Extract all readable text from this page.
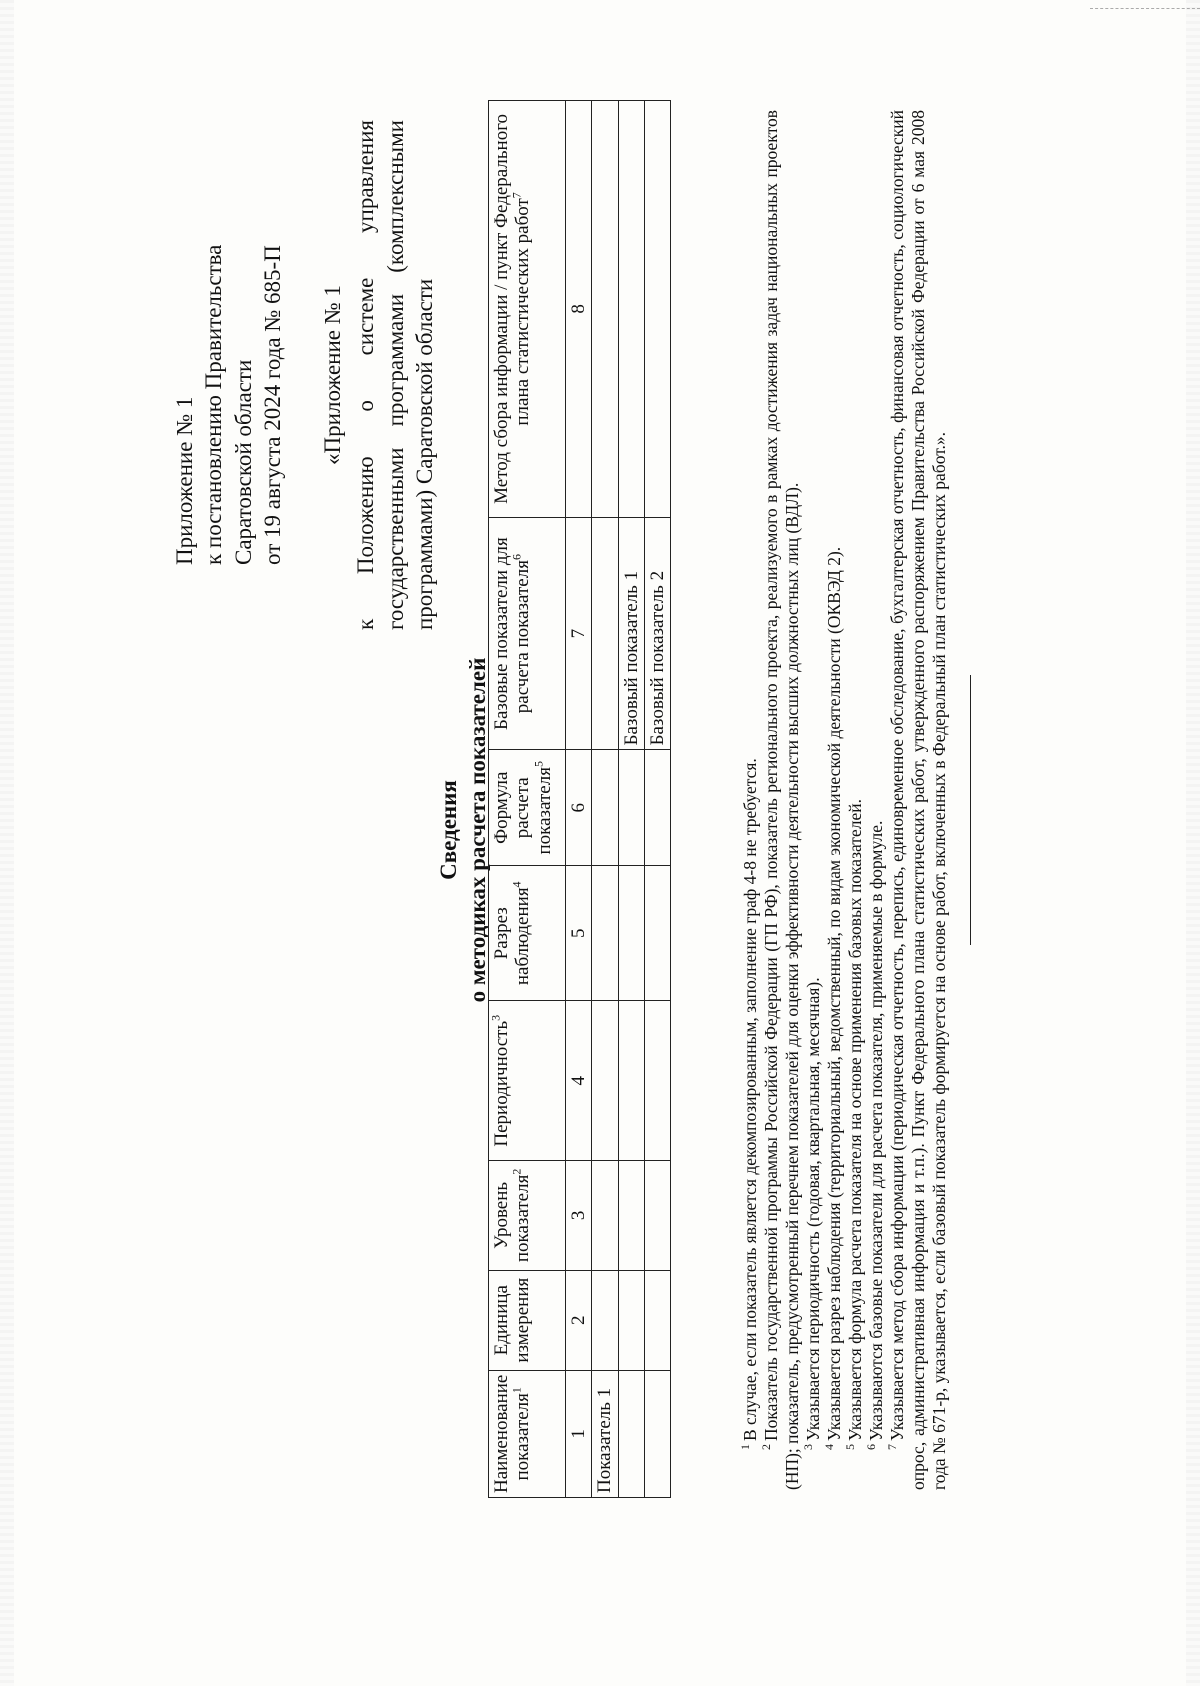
Приложение № 1 к постановлению Правительства Саратовской области от 19 августа 2024 года № 685-П «Приложение № 1 к Положению о системе управления государственными программами (комплексными программами) Саратовской области
Сведения о методиках расчета показателей
Наименование показателя$^1$	Единица измерения	Уровень показателя$^2$	Периодичность$^3$	Разрез наблюдения$^4$	Формула расчета показателя$^5$	Базовые показатели для расчета показателя$^6$	Метод сбора информации / пункт Федерального плана статистических работ$^7$
1	2	3	4	5	6	7	8
Показатель 1							
						Базовый показатель 1	
						Базовый показатель 2	
$^1$В случае, если показатель является декомпозированным, заполнение граф 4-8 не требуется.
$^2$Показатель государственной программы Российской Федерации (ГП РФ), показатель регионального проекта, реализуемого в рамках достижения задач национальных проектов (НП); показатель, предусмотренный перечнем показателей для оценки эффективности деятельности высших должностных лиц (ВДЛ). $^3$Указывается периодичность (годовая, квартальная, месячная).
$^4$Указывается разрез наблюдения (территориальный, ведомственный, по видам экономической деятельности (ОКВЭД 2).
$^5$Указывается формула расчета показателя на основе применения базовых показателей.
$^6$Указываются базовые показатели для расчета показателя, применяемые в формуле.
$^7$Указывается метод сбора информации (периодическая отчетность, перепись, единовременное обследование, бухгалтерская отчетность, финансовая отчетность, социологический опрос, административная информация и т.п.). Пункт Федерального плана статистических работ, утвержденного распоряжением Правительства Российской Федерации от 6 мая 2008 года № 671-р, указывается, если базовый показатель формируется на основе работ, включенных в Федеральный план статистических работ.».
